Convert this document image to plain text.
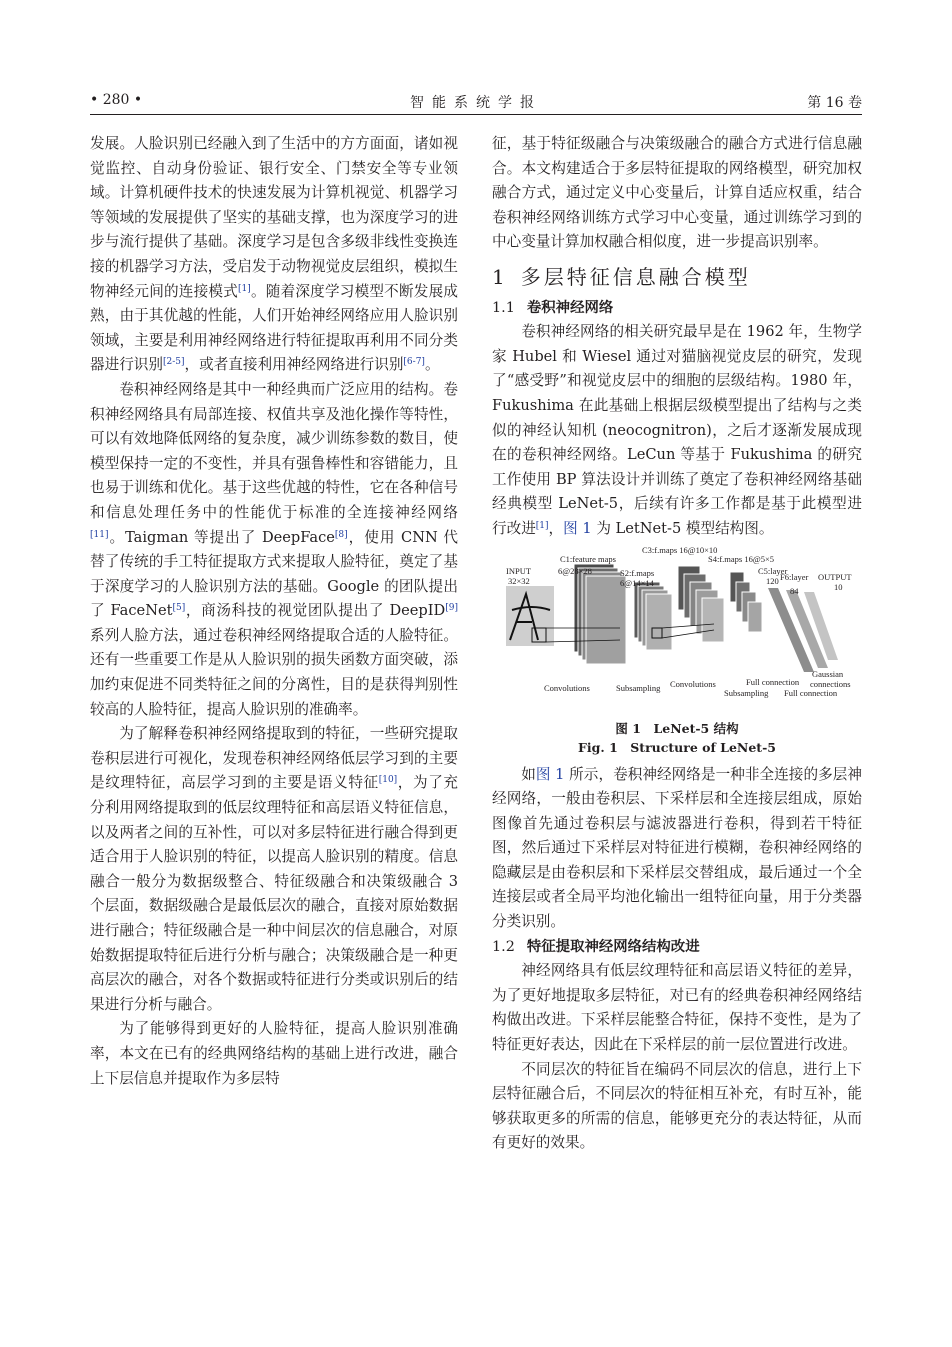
• 280 •	智能系统学报	第 16 卷

发展。人脸识别已经融入到了生活中的方方面面，诸如视觉监控、自动身份验证、银行安全、门禁安全等专业领域。计算机硬件技术的快速发展为计算机视觉、机器学习等领域的发展提供了坚实的基础支撑，也为深度学习的进步与流行提供了基础。深度学习是包含多级非线性变换连接的机器学习方法，受启发于动物视觉皮层组织，模拟生物神经元间的连接模式[1]。随着深度学习模型不断发展成熟，由于其优越的性能，人们开始神经网络应用人脸识别领域，主要是利用神经网络进行特征提取再利用不同分类器进行识别[2-5]，或者直接利用神经网络进行识别[6-7]。

卷积神经网络是其中一种经典而广泛应用的结构。卷积神经网络具有局部连接、权值共享及池化操作等特性，可以有效地降低网络的复杂度，减少训练参数的数目，使模型保持一定的不变性，并具有强鲁棒性和容错能力，且也易于训练和优化。基于这些优越的特性，它在各种信号和信息处理任务中的性能优于标准的全连接神经网络[11]。Taigman 等提出了 DeepFace[8]，使用 CNN 代替了传统的手工特征提取方式来提取人脸特征，奠定了基于深度学习的人脸识别方法的基础。Google 的团队提出了 FaceNet[5]，商汤科技的视觉团队提出了 DeepID[9] 系列人脸方法，通过卷积神经网络提取合适的人脸特征。还有一些重要工作是从人脸识别的损失函数方面突破，添加约束促进不同类特征之间的分离性，目的是获得判别性较高的人脸特征，提高人脸识别的准确率。

为了解释卷积神经网络提取到的特征，一些研究提取卷积层进行可视化，发现卷积神经网络低层学习到的主要是纹理特征，高层学习到的主要是语义特征[10]，为了充分利用网络提取到的低层纹理特征和高层语义特征信息，以及两者之间的互补性，可以对多层特征进行融合得到更适合用于人脸识别的特征，以提高人脸识别的精度。信息融合一般分为数据级整合、特征级融合和决策级融合 3 个层面，数据级融合是最低层次的融合，直接对原始数据进行融合；特征级融合是一种中间层次的信息融合，对原始数据提取特征后进行分析与融合；决策级融合是一种更高层次的融合，对各个数据或特征进行分类或识别后的结果进行分析与融合。

为了能够得到更好的人脸特征，提高人脸识别准确率，本文在已有的经典网络结构的基础上进行改进，融合上下层信息并提取作为多层特

征，基于特征级融合与决策级融合的融合方式进行信息融合。本文构建适合于多层特征提取的网络模型，研究加权融合方式，通过定义中心变量后，计算自适应权重，结合卷积神经网络训练方式学习中心变量，通过训练学习到的中心变量计算加权融合相似度，进一步提高识别率。

1  多层特征信息融合模型
1.1 卷积神经网络

卷积神经网络的相关研究最早是在 1962 年，生物学家 Hubel 和 Wiesel 通过对猫脑视觉皮层的研究，发现了“感受野”和视觉皮层中的细胞的层级结构。1980 年，Fukushima 在此基础上根据层级模型提出了结构与之类似的神经认知机 (neocognitron)，之后才逐渐发展成现在的卷积神经网络。LeCun 等基于 Fukushima 的研究工作使用 BP 算法设计并训练了奠定了卷积神经网络基础经典模型 LeNet-5，后续有许多工作都是基于此模型进行改进[1]，图 1 为 LetNet-5 模型结构图。

C3:f.maps 16@10×10
C1:feature maps	S4:f.maps 16@5×5
INPUT
32×32
6@28×28	S2:f.maps
6@14×14
C5:layer
120 F6:layer
84
OUTPUT
10
Convolutions	Subsampling Convolutions
Subsampling
Full connection
Full connection
Gaussian
connections
图 1　LeNet-5 结构
Fig. 1　Structure of LeNet-5

如图 1 所示，卷积神经网络是一种非全连接的多层神经网络，一般由卷积层、下采样层和全连接层组成，原始图像首先通过卷积层与滤波器进行卷积，得到若干特征图，然后通过下采样层对特征进行模糊，卷积神经网络的隐藏层是由卷积层和下采样层交替组成，最后通过一个全连接层或者全局平均池化输出一组特征向量，用于分类器分类识别。

1.2 特征提取神经网络结构改进

神经网络具有低层纹理特征和高层语义特征的差异，为了更好地提取多层特征，对已有的经典卷积神经网络结构做出改进。下采样层能整合特征，保持不变性，是为了特征更好表达，因此在下采样层的前一层位置进行改进。

不同层次的特征旨在编码不同层次的信息，进行上下层特征融合后，不同层次的特征相互补充，有时互补，能够获取更多的所需的信息，能够更充分的表达特征，从而有更好的效果。
